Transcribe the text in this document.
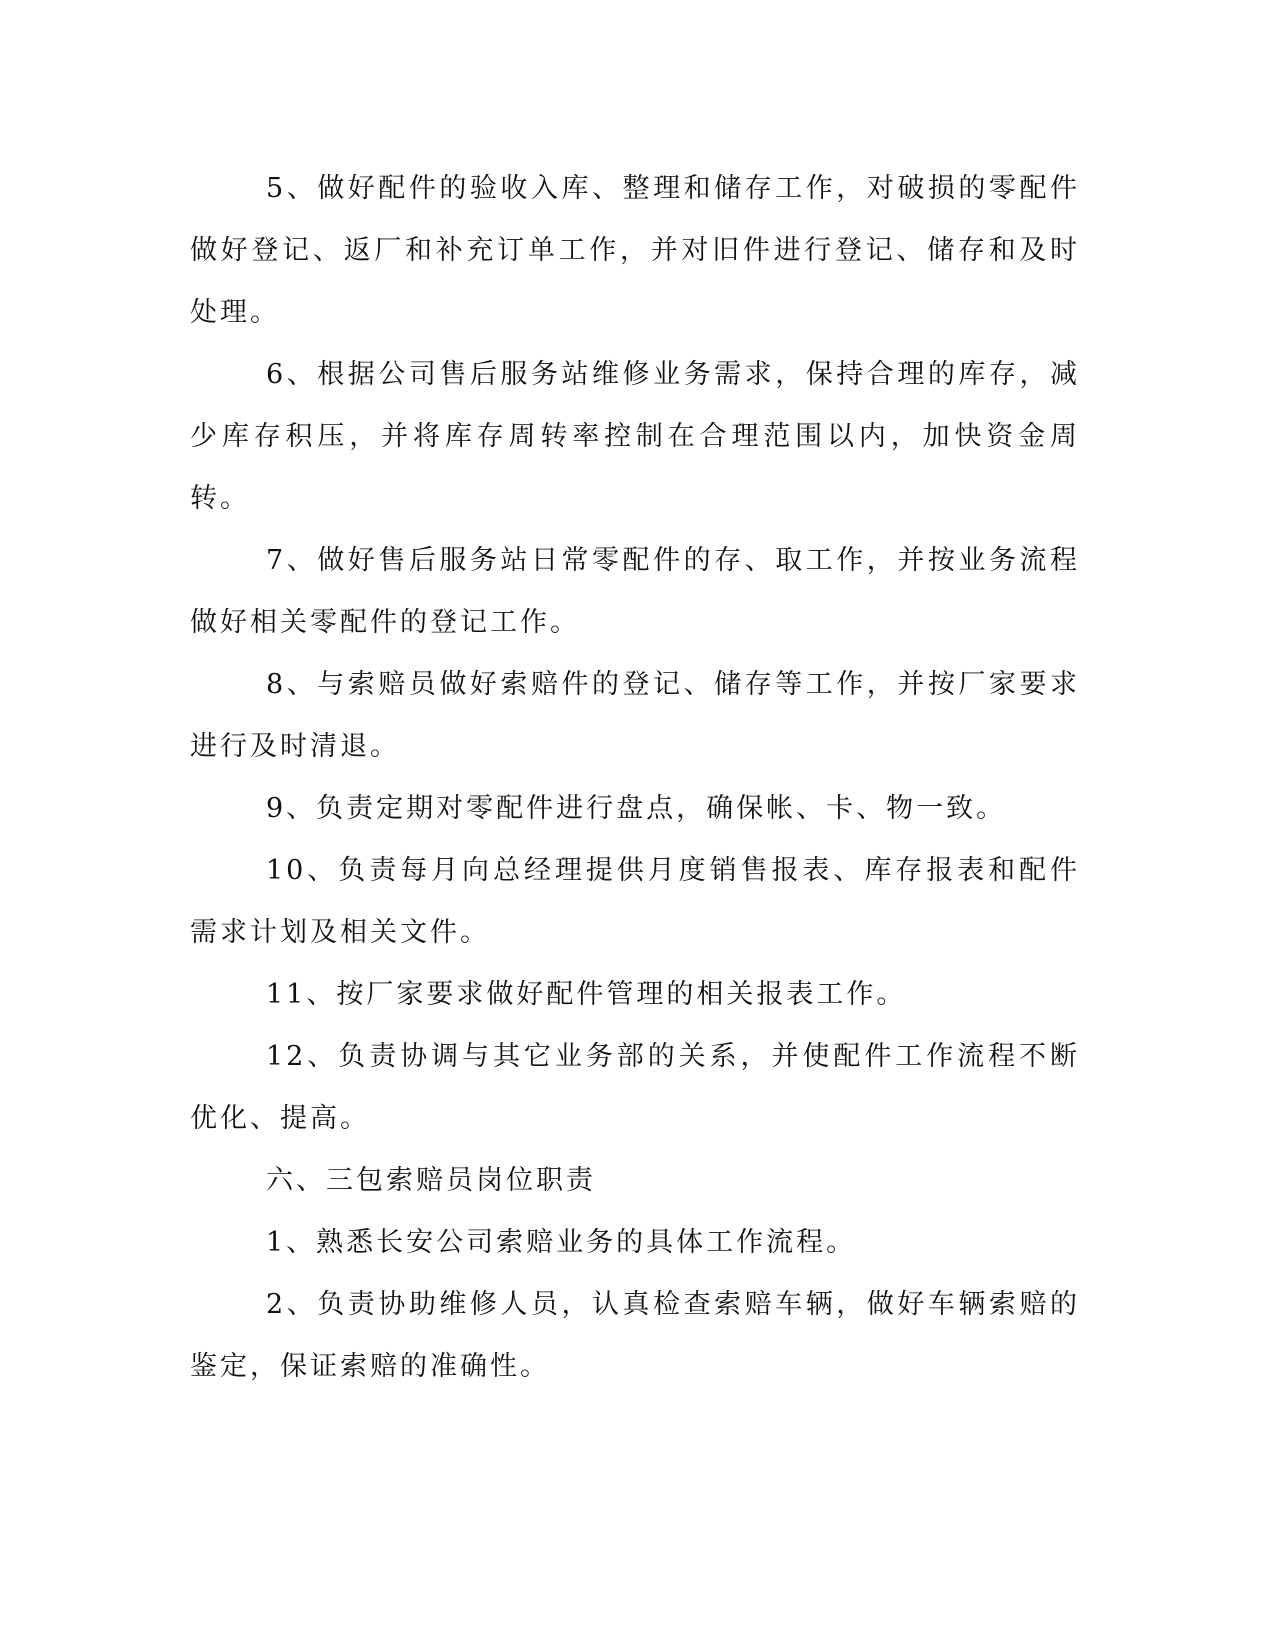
5、做好配件的验收入库、整理和储存工作，对破损的零配件做好登记、返厂和补充订单工作，并对旧件进行登记、储存和及时处理。

6、根据公司售后服务站维修业务需求，保持合理的库存，减少库存积压，并将库存周转率控制在合理范围以内，加快资金周转。

7、做好售后服务站日常零配件的存、取工作，并按业务流程做好相关零配件的登记工作。

8、与索赔员做好索赔件的登记、储存等工作，并按厂家要求进行及时清退。

9、负责定期对零配件进行盘点，确保帐、卡、物一致。

10、负责每月向总经理提供月度销售报表、库存报表和配件需求计划及相关文件。

11、按厂家要求做好配件管理的相关报表工作。

12、负责协调与其它业务部的关系，并使配件工作流程不断优化、提高。

六、三包索赔员岗位职责

1、熟悉长安公司索赔业务的具体工作流程。

2、负责协助维修人员，认真检查索赔车辆，做好车辆索赔的鉴定，保证索赔的准确性。
